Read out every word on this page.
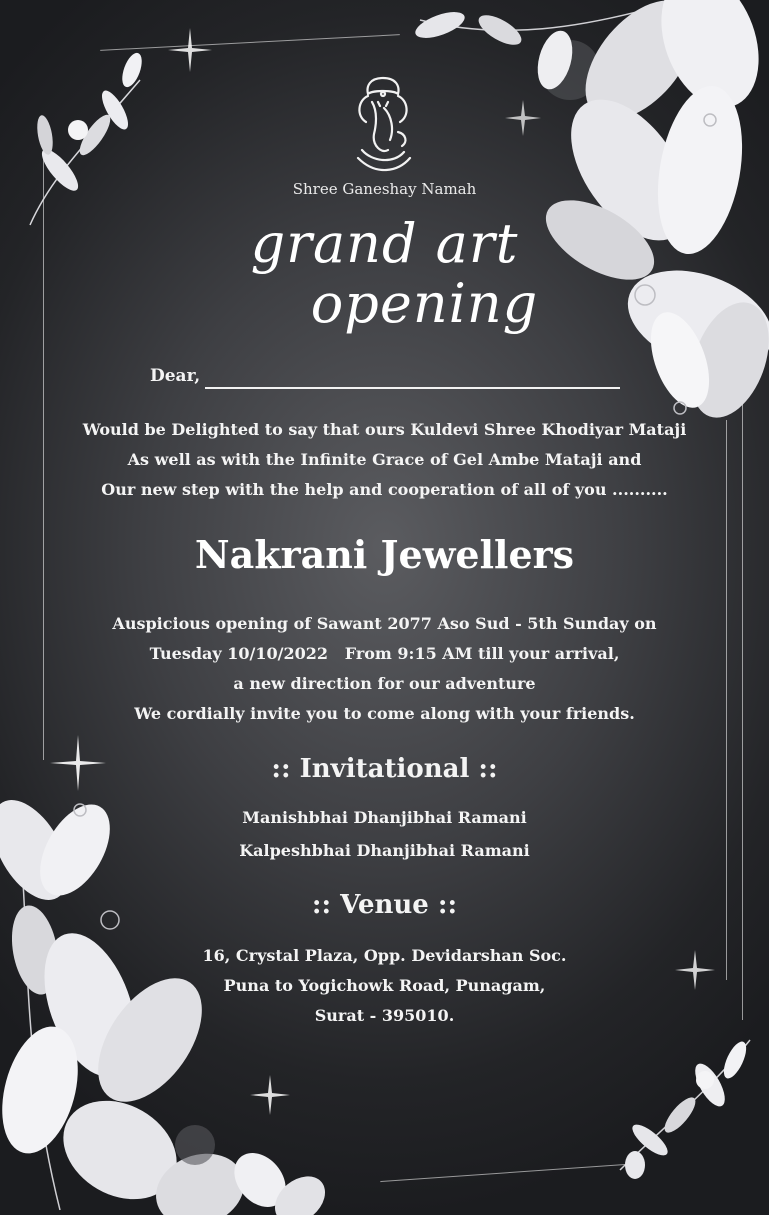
Shree Ganeshay Namah
grand art
opening
Dear,
Would be Delighted to say that ours Kuldevi Shree Khodiyar Mataji
As well as with the Infinite Grace of Gel Ambe Mataji and
Our new step with the help and cooperation of all of you ..........
Nakrani Jewellers
Auspicious opening of Sawant 2077 Aso Sud - 5th Sunday on
Tuesday 10/10/2022   From 9:15 AM till your arrival,
a new direction for our adventure
We cordially invite you to come along with your friends.
:: Invitational ::
Manishbhai Dhanjibhai Ramani
Kalpeshbhai Dhanjibhai Ramani
:: Venue ::
16, Crystal Plaza, Opp. Devidarshan Soc.
Puna to Yogichowk Road, Punagam,
Surat - 395010.
